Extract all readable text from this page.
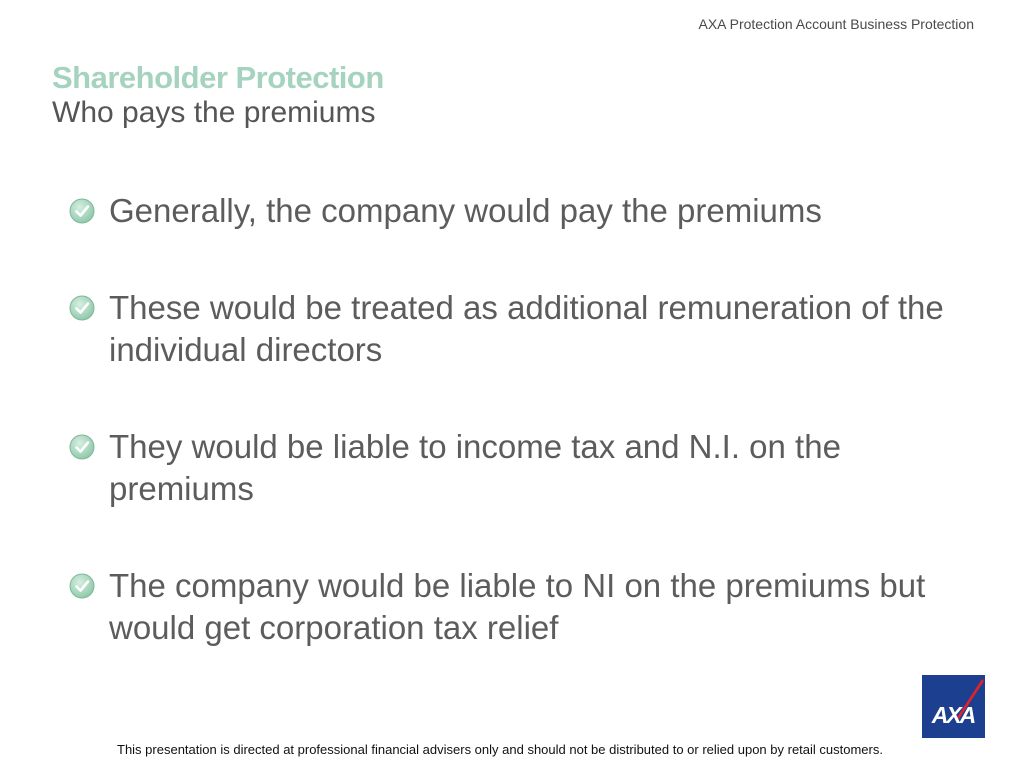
AXA Protection Account Business Protection
Shareholder Protection
Who pays the premiums
Generally, the company would pay the premiums
These would be treated as additional remuneration of the individual directors
They would be liable to income tax and N.I. on the premiums
The company would be liable to NI on the premiums but would get corporation tax relief
AXA
This presentation is directed at professional financial advisers only and should not be distributed to or relied upon by retail customers.
